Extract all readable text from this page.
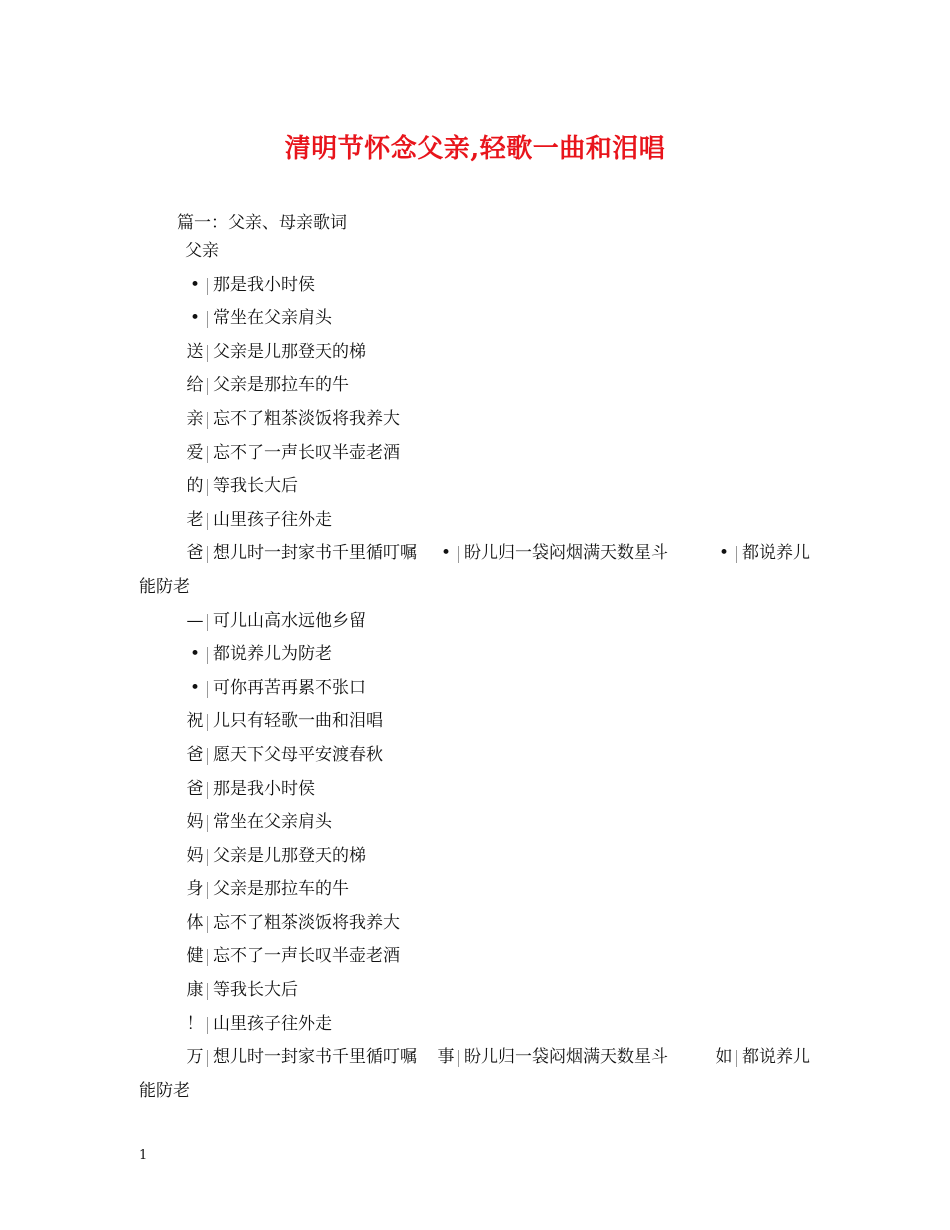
清明节怀念父亲,轻歌一曲和泪唱
篇一：父亲、母亲歌词
父亲
• 那是我小时侯
• 常坐在父亲肩头
送 父亲是儿那登天的梯
给 父亲是那拉车的牛
亲 忘不了粗茶淡饭将我养大
爱 忘不了一声长叹半壶老酒
的 等我长大后
老 山里孩子往外走
爸 想儿时一封家书千里循叮嘱 • 盼儿归一袋闷烟满天数星斗	• 都说养儿
能防老
— 可儿山高水远他乡留
• 都说养儿为防老
• 可你再苦再累不张口
祝 儿只有轻歌一曲和泪唱
爸 愿天下父母平安渡春秋
爸 那是我小时侯
妈 常坐在父亲肩头
妈 父亲是儿那登天的梯
身 父亲是那拉车的牛
体 忘不了粗茶淡饭将我养大
健 忘不了一声长叹半壶老酒
康 等我长大后
！ 山里孩子往外走
万 想儿时一封家书千里循叮嘱 事 盼儿归一袋闷烟满天数星斗	如 都说养儿
能防老
1
